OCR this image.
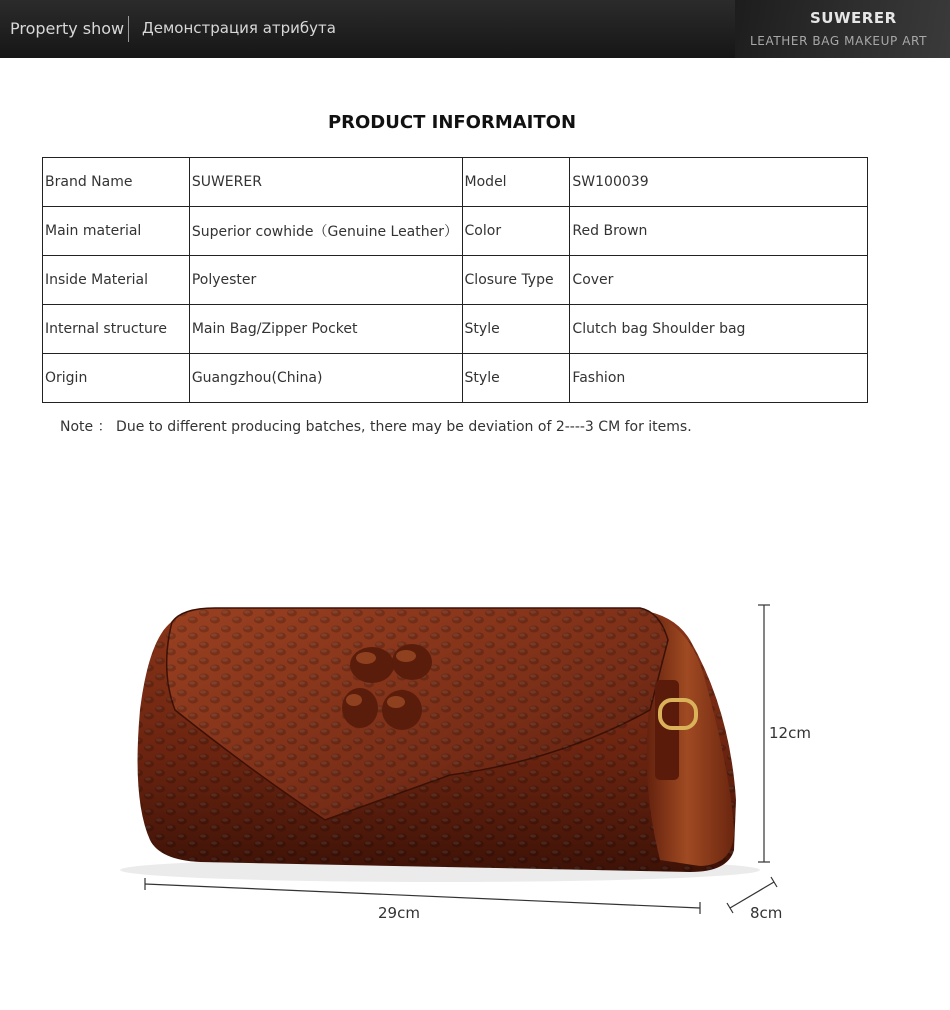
Property show Демонстрация атрибута
SUWERER
LEATHER BAG MAKEUP ART
PRODUCT INFORMAITON
Brand Name	SUWERER	Model	SW100039
Main material	Superior cowhide（Genuine Leather）	Color	Red Brown
Inside Material	Polyester	Closure Type	Cover
Internal structure	Main Bag/Zipper Pocket	Style	Clutch bag Shoulder bag
Origin	Guangzhou(China)	Style	Fashion
Note ： Due to different producing batches, there may be deviation of 2----3 CM for items.
12cm
29cm	8cm
